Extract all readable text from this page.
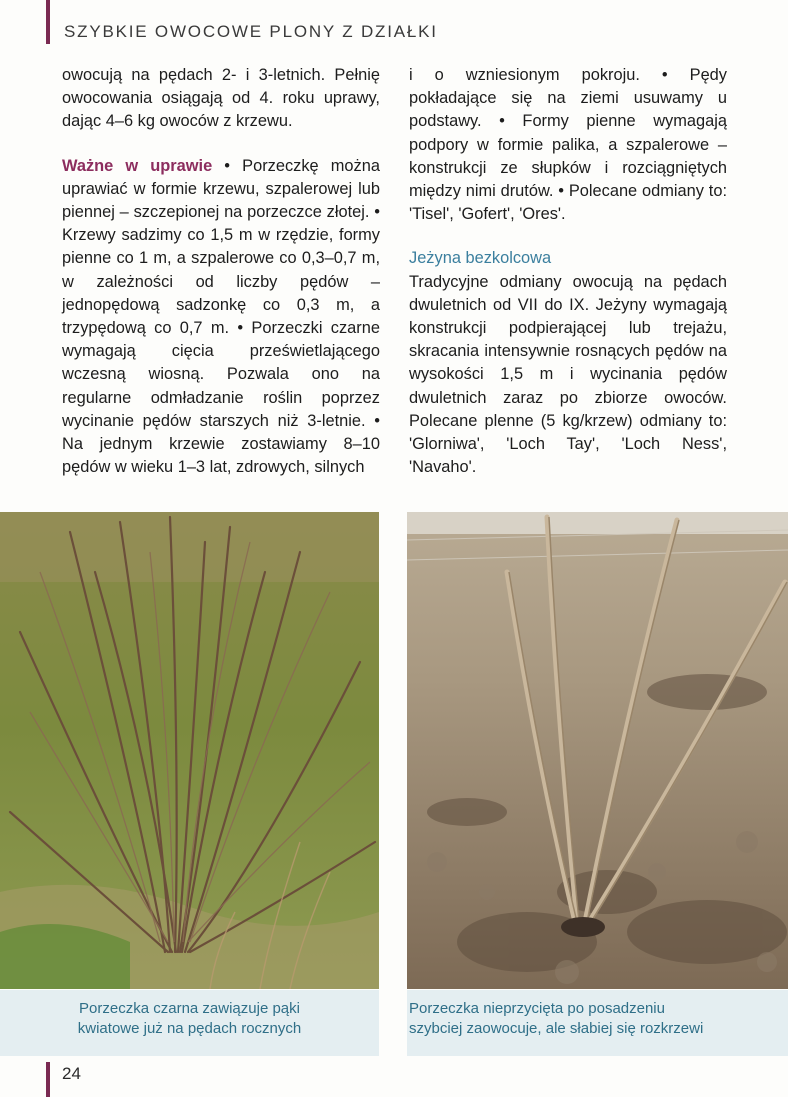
SZYBKIE OWOCOWE PLONY Z DZIAŁKI

owocują na pędach 2- i 3-letnich. Pełnię owocowania osiągają od 4. roku uprawy, dając 4–6 kg owoców z krzewu.

Ważne w uprawie • Porzeczkę można uprawiać w formie krzewu, szpalerowej lub piennej – szczepionej na porzeczce złotej. • Krzewy sadzimy co 1,5 m w rzędzie, formy pienne co 1 m, a szpalerowe co 0,3–0,7 m, w zależności od liczby pędów – jednopędową sadzonkę co 0,3 m, a trzypędową co 0,7 m. • Porzeczki czarne wymagają cięcia prześwietlającego wczesną wiosną. Pozwala ono na regularne odmładzanie roślin poprzez wycinanie pędów starszych niż 3-letnie. • Na jednym krzewie zostawiamy 8–10 pędów w wieku 1–3 lat, zdrowych, silnych

i o wzniesionym pokroju. • Pędy pokładające się na ziemi usuwamy u podstawy. • Formy pienne wymagają podpory w formie palika, a szpalerowe – konstrukcji ze słupków i rozciągniętych między nimi drutów. • Polecane odmiany to: 'Tisel', 'Gofert', 'Ores'.

Jeżyna bezkolcowa

Tradycyjne odmiany owocują na pędach dwuletnich od VII do IX. Jeżyny wymagają konstrukcji podpierającej lub trejażu, skracania intensywnie rosnących pędów na wysokości 1,5 m i wycinania pędów dwuletnich zaraz po zbiorze owoców. Polecane plenne (5 kg/krzew) odmiany to: 'Glorniwa', 'Loch Tay', 'Loch Ness', 'Navaho'.

Porzeczka czarna zawiązuje pąki
kwiatowe już na pędach rocznych
Porzeczka nieprzycięta po posadzeniu
szybciej zaowocuje, ale słabiej się rozkrzewi
24
